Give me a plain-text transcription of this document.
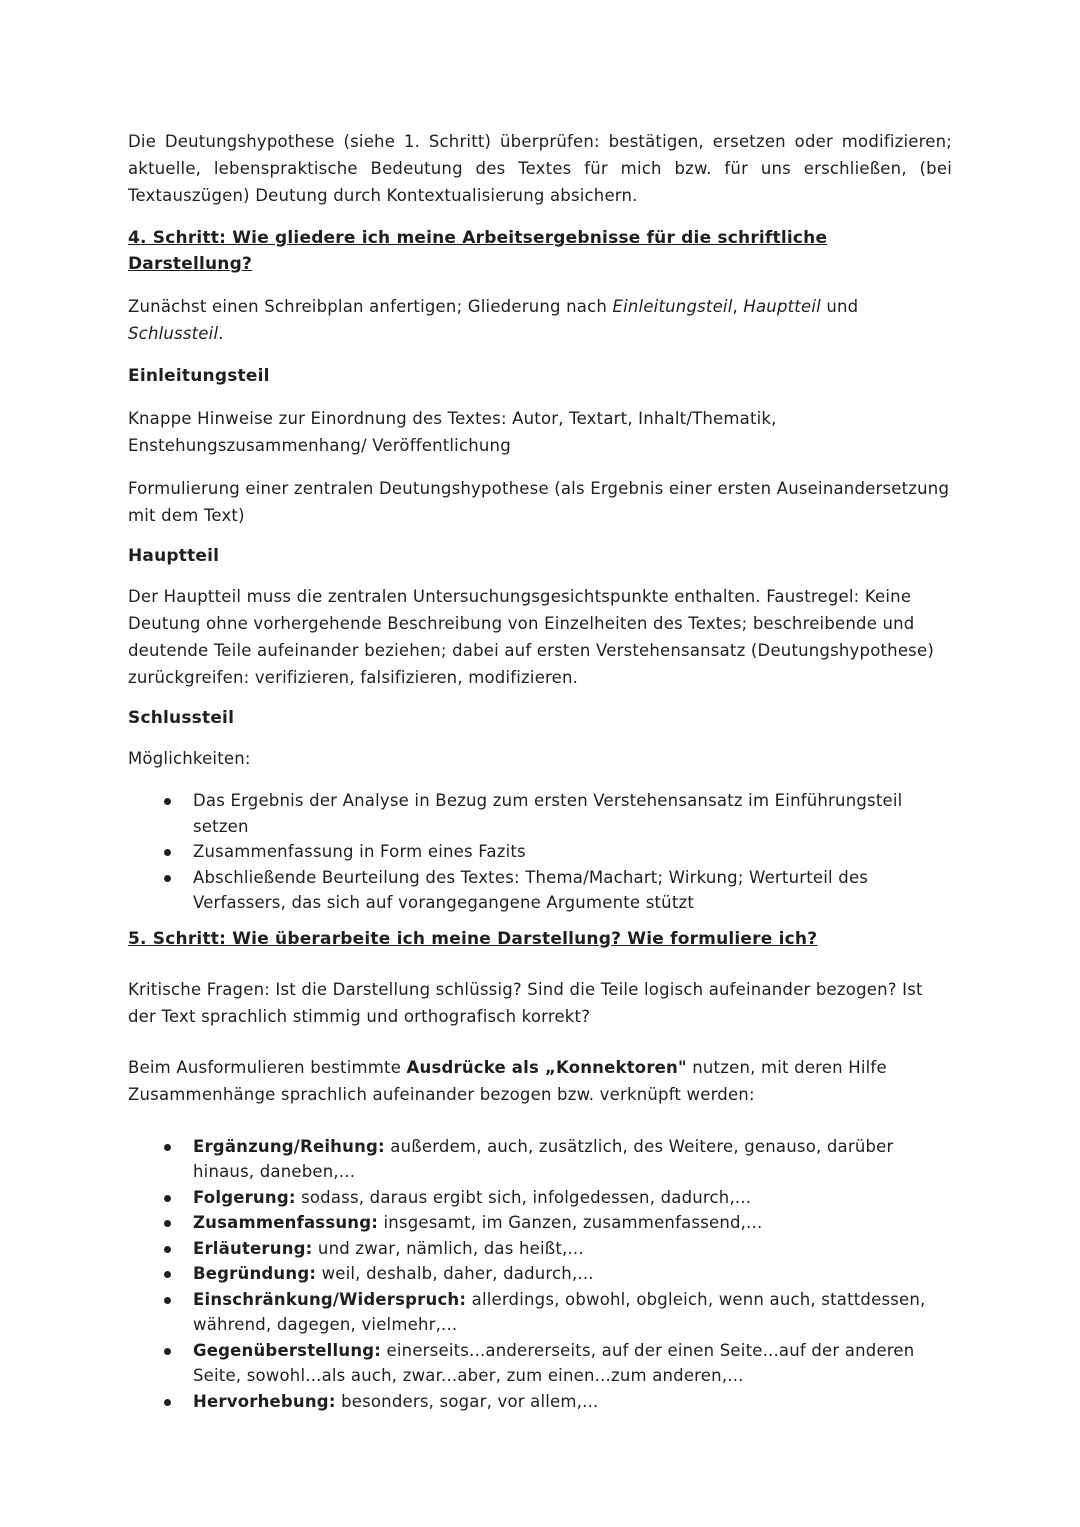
Die Deutungshypothese (siehe 1. Schritt) überprüfen: bestätigen, ersetzen oder modifizieren; aktuelle, lebenspraktische Bedeutung des Textes für mich bzw. für uns erschließen, (bei Textauszügen) Deutung durch Kontextualisierung absichern.

4. Schritt: Wie gliedere ich meine Arbeitsergebnisse für die schriftliche Darstellung?

Zunächst einen Schreibplan anfertigen; Gliederung nach Einleitungsteil, Hauptteil und Schlussteil.

Einleitungsteil

Knappe Hinweise zur Einordnung des Textes: Autor, Textart, Inhalt/Thematik, Enstehungszusammenhang/ Veröffentlichung

Formulierung einer zentralen Deutungshypothese (als Ergebnis einer ersten Auseinandersetzung mit dem Text)

Hauptteil

Der Hauptteil muss die zentralen Untersuchungsgesichtspunkte enthalten. Faustregel: Keine Deutung ohne vorhergehende Beschreibung von Einzelheiten des Textes; beschreibende und deutende Teile aufeinander beziehen; dabei auf ersten Verstehensansatz (Deutungshypothese) zurückgreifen: verifizieren, falsifizieren, modifizieren.

Schlussteil

Möglichkeiten:

Das Ergebnis der Analyse in Bezug zum ersten Verstehensansatz im Einführungsteil setzen
Zusammenfassung in Form eines Fazits
Abschließende Beurteilung des Textes: Thema/Machart; Wirkung; Werturteil des Verfassers, das sich auf vorangegangene Argumente stützt

5. Schritt: Wie überarbeite ich meine Darstellung? Wie formuliere ich?

Kritische Fragen: Ist die Darstellung schlüssig? Sind die Teile logisch aufeinander bezogen? Ist der Text sprachlich stimmig und orthografisch korrekt?

Beim Ausformulieren bestimmte Ausdrücke als „Konnektoren" nutzen, mit deren Hilfe Zusammenhänge sprachlich aufeinander bezogen bzw. verknüpft werden:

Ergänzung/Reihung: außerdem, auch, zusätzlich, des Weitere, genauso, darüber hinaus, daneben,...
Folgerung: sodass, daraus ergibt sich, infolgedessen, dadurch,...
Zusammenfassung: insgesamt, im Ganzen, zusammenfassend,...
Erläuterung: und zwar, nämlich, das heißt,...
Begründung: weil, deshalb, daher, dadurch,...
Einschränkung/Widerspruch: allerdings, obwohl, obgleich, wenn auch, stattdessen, während, dagegen, vielmehr,...
Gegenüberstellung: einerseits...andererseits, auf der einen Seite...auf der anderen Seite, sowohl...als auch, zwar...aber, zum einen...zum anderen,...
Hervorhebung: besonders, sogar, vor allem,...
